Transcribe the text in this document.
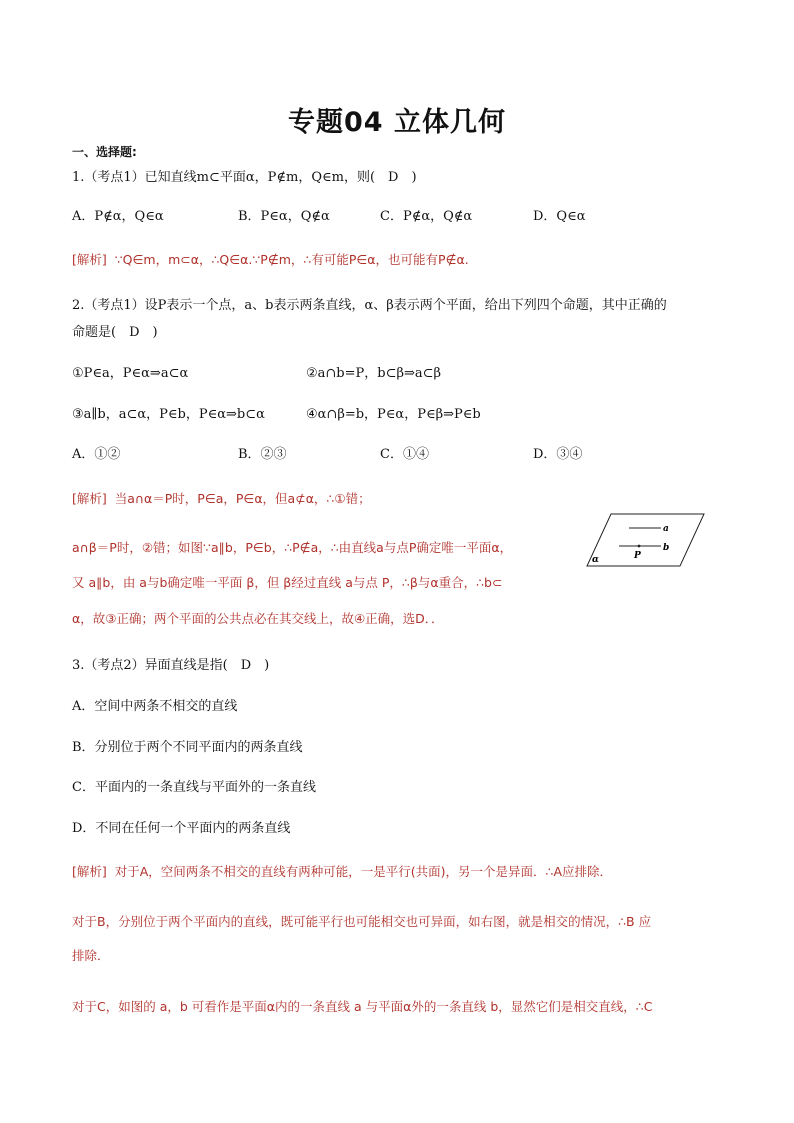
专题04 立体几何
一、选择题:
1.（考点1）已知直线m⊂平面α，P∉m，Q∈m，则(　D　)
A．P∉α，Q∈α	B．P∈α，Q∉α	C．P∉α，Q∉α	D．Q∈α
[解析] ∵Q∈m，m⊂α，∴Q∈α.∵P∉m，∴有可能P∈α，也可能有P∉α.
2.（考点1）设P表示一个点，a、b表示两条直线，α、β表示两个平面，给出下列四个命题，其中正确的
命题是(　D　)
①P∈a，P∈α⇒a⊂α	②a∩b=P，b⊂β⇒a⊂β
③a∥b，a⊂α，P∈b，P∈α⇒b⊂α	④α∩β=b，P∈α，P∈β⇒P∈b
A．①②	B．②③	C．①④	D．③④
[解析] 当a∩α＝P时，P∈a，P∈α，但a⊄α，∴①错；
a∩β＝P时，②错；如图∵a∥b，P∈b，∴P∉a，∴由直线a与点P确定唯一平面α，
又 a∥b，由 a与b确定唯一平面 β，但 β经过直线 a与点 P，∴β与α重合，∴b⊂
α，故③正确；两个平面的公共点必在其交线上，故④正确，选D．．
a
b
P
α
3.（考点2）异面直线是指(　D　)
A．空间中两条不相交的直线
B．分别位于两个不同平面内的两条直线
C．平面内的一条直线与平面外的一条直线
D．不同在任何一个平面内的两条直线
[解析] 对于A，空间两条不相交的直线有两种可能，一是平行(共面)，另一个是异面．∴A应排除．
对于B，分别位于两个平面内的直线，既可能平行也可能相交也可异面，如右图，就是相交的情况，∴B 应
排除．
对于C，如图的 a，b 可看作是平面α内的一条直线 a 与平面α外的一条直线 b，显然它们是相交直线，∴C
